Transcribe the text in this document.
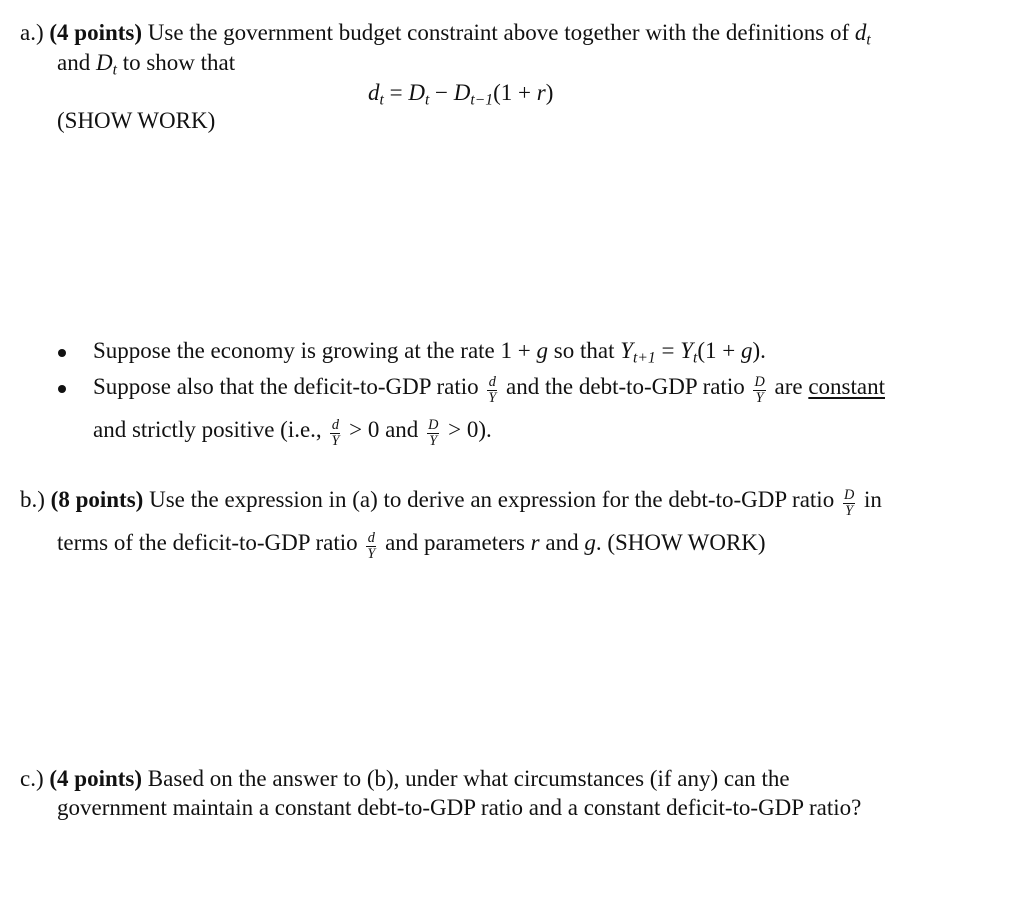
a.) (4 points) Use the government budget constraint above together with the definitions of $d_t$
and $D_t$ to show that
$d_t = D_t - D_{t-1}(1 + r)$
(SHOW WORK)
Suppose the economy is growing at the rate 1 + g so that $Y_{t+1} = Y_t(1 + g)$.
Suppose also that the deficit-to-GDP ratio $\frac{d}{Y}$ and the debt-to-GDP ratio $\frac{D}{Y}$ are constant
and strictly positive (i.e., $\frac{d}{Y} > 0$ and $\frac{D}{Y} > 0$).
b.) (8 points) Use the expression in (a) to derive an expression for the debt-to-GDP ratio $\frac{D}{Y}$ in
terms of the deficit-to-GDP ratio $\frac{d}{Y}$ and parameters r and g. (SHOW WORK)
c.) (4 points) Based on the answer to (b), under what circumstances (if any) can the
government maintain a constant debt-to-GDP ratio and a constant deficit-to-GDP ratio?
